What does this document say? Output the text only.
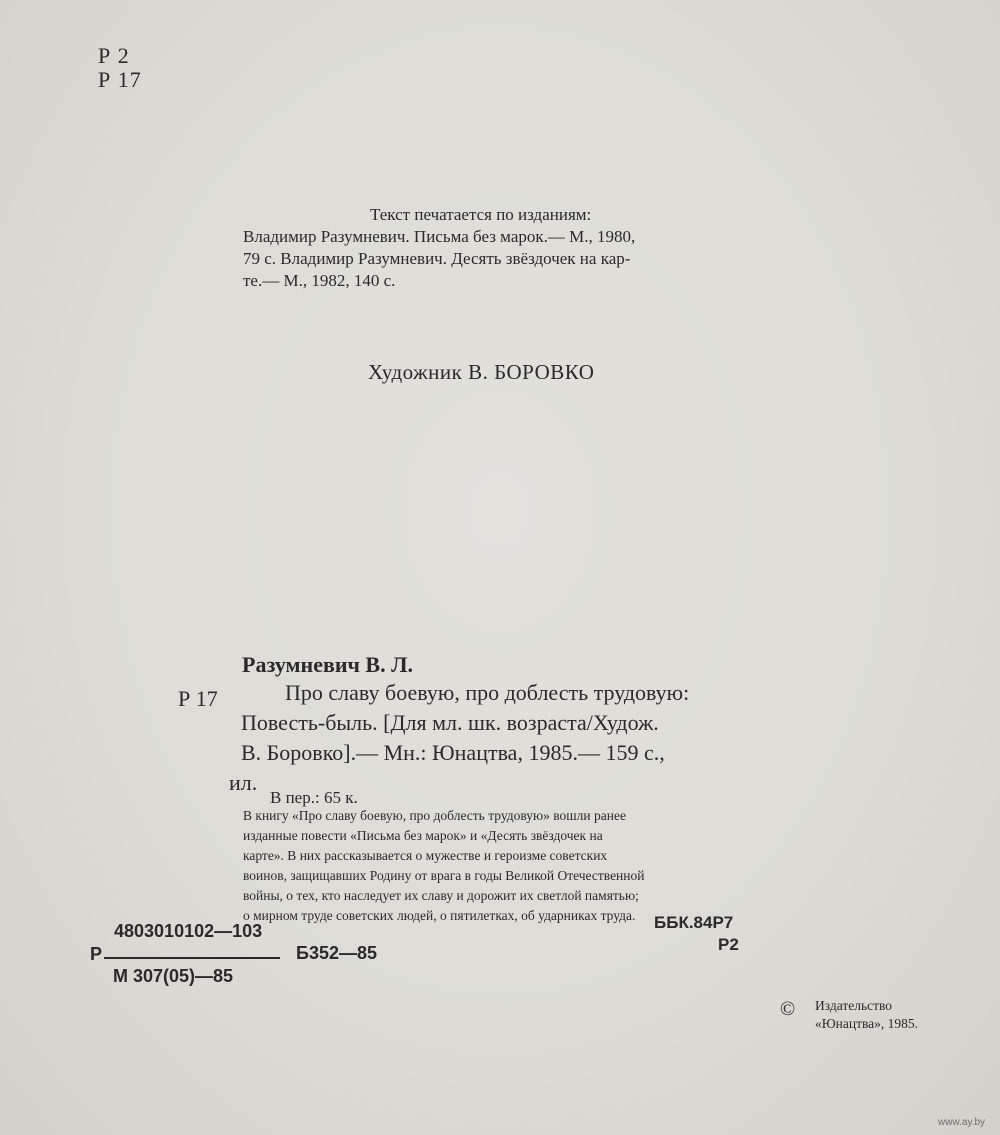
Р 2
Р 17
Текст печатается по изданиям:
Владимир Разумневич. Письма без марок.— М., 1980,
79 с. Владимир Разумневич. Десять звёздочек на кар-
те.— М., 1982, 140 с.
Художник В. БОРОВКО
Разумневич В. Л.
Р 17	Про славу боевую, про доблесть трудовую:
Повесть-быль. [Для мл. шк. возраста/Худож.
В. Боровко].— Мн.: Юнацтва, 1985.— 159 с.,
ил.
В пер.: 65 к.
В книгу «Про славу боевую, про доблесть трудовую» вошли ранее
изданные повести «Письма без марок» и «Десять звёздочек на
карте». В них рассказывается о мужестве и героизме советских
воинов, защищавших Родину от врага в годы Великой Отечественной
войны, о тех, кто наследует их славу и дорожит их светлой памятью;
о мирном труде советских людей, о пятилетках, об ударниках труда.
4803010102—103
Р	Б352—85
М 307(05)—85
ББК.84Р7
Р2
© Издательство
«Юнацтва», 1985.
www.ay.by
